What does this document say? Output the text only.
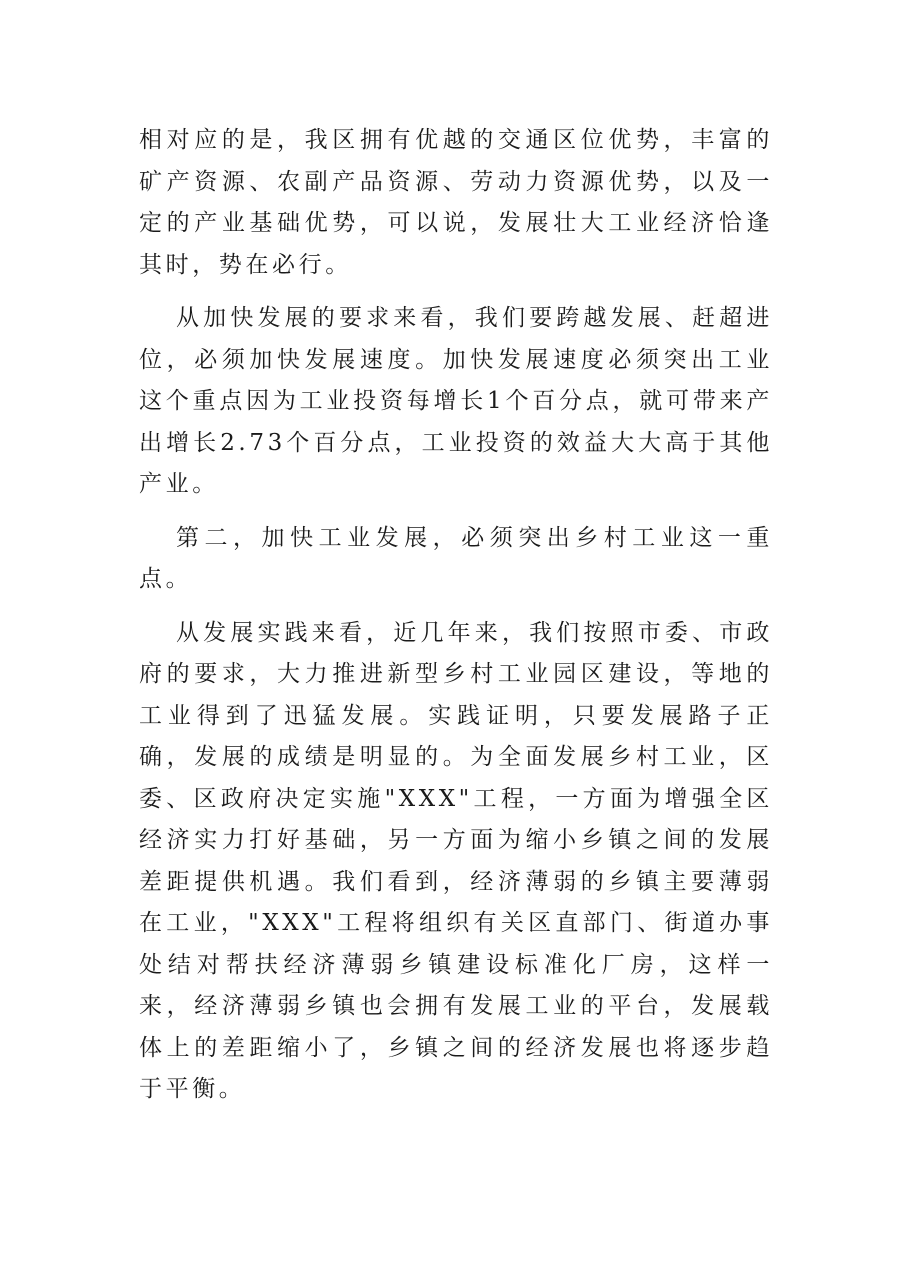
相对应的是，我区拥有优越的交通区位优势，丰富的矿产资源、农副产品资源、劳动力资源优势，以及一定的产业基础优势，可以说，发展壮大工业经济恰逢其时，势在必行。

从加快发展的要求来看，我们要跨越发展、赶超进位，必须加快发展速度。加快发展速度必须突出工业这个重点因为工业投资每增长1个百分点，就可带来产出增长2.73个百分点，工业投资的效益大大高于其他产业。

第二，加快工业发展，必须突出乡村工业这一重点。

从发展实践来看，近几年来，我们按照市委、市政府的要求，大力推进新型乡村工业园区建设，等地的工业得到了迅猛发展。实践证明，只要发展路子正确，发展的成绩是明显的。为全面发展乡村工业，区委、区政府决定实施"XXX"工程，一方面为增强全区经济实力打好基础，另一方面为缩小乡镇之间的发展差距提供机遇。我们看到，经济薄弱的乡镇主要薄弱在工业，"XXX"工程将组织有关区直部门、街道办事处结对帮扶经济薄弱乡镇建设标准化厂房，这样一来，经济薄弱乡镇也会拥有发展工业的平台，发展载体上的差距缩小了，乡镇之间的经济发展也将逐步趋于平衡。
